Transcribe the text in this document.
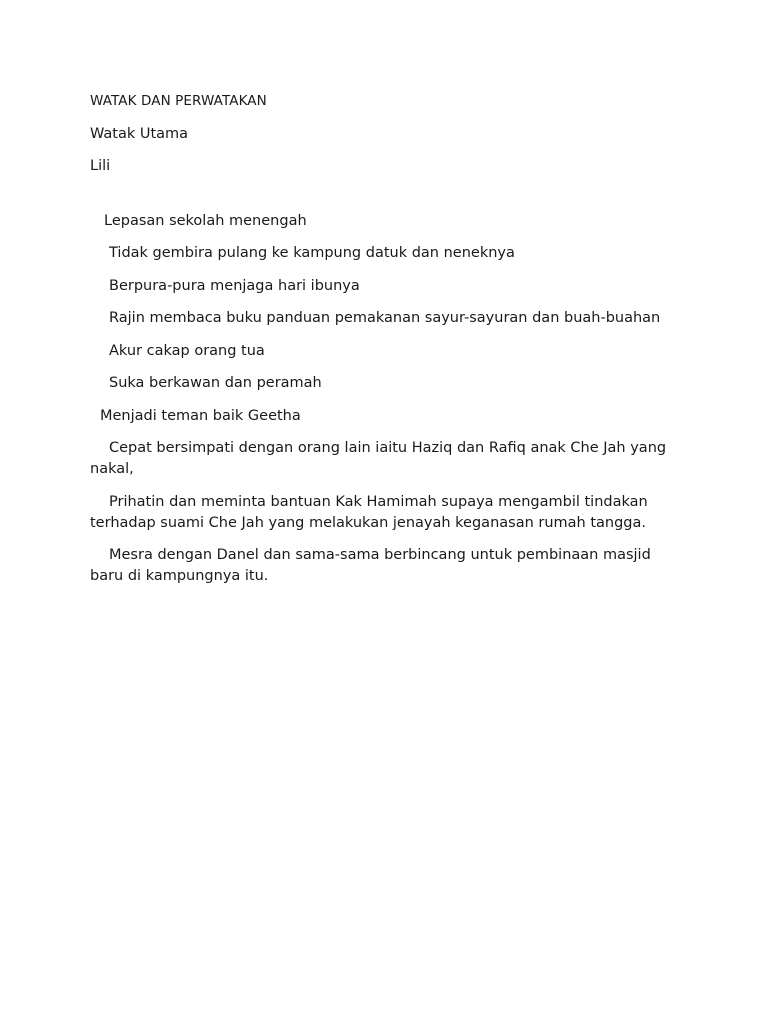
WATAK DAN PERWATAKAN

Watak Utama

Lili

Lepasan sekolah menengah

Tidak gembira pulang ke kampung datuk dan neneknya

Berpura-pura menjaga hari ibunya

Rajin membaca buku panduan pemakanan sayur-sayuran dan buah-buahan

Akur cakap orang tua

Suka berkawan dan peramah

Menjadi teman baik Geetha

Cepat bersimpati dengan orang lain iaitu Haziq dan Rafiq anak Che Jah yang nakal,

Prihatin dan meminta bantuan Kak Hamimah supaya mengambil tindakan terhadap suami Che Jah yang melakukan jenayah keganasan rumah tangga.

Mesra dengan Danel dan sama-sama berbincang untuk pembinaan masjid baru di kampungnya itu.
